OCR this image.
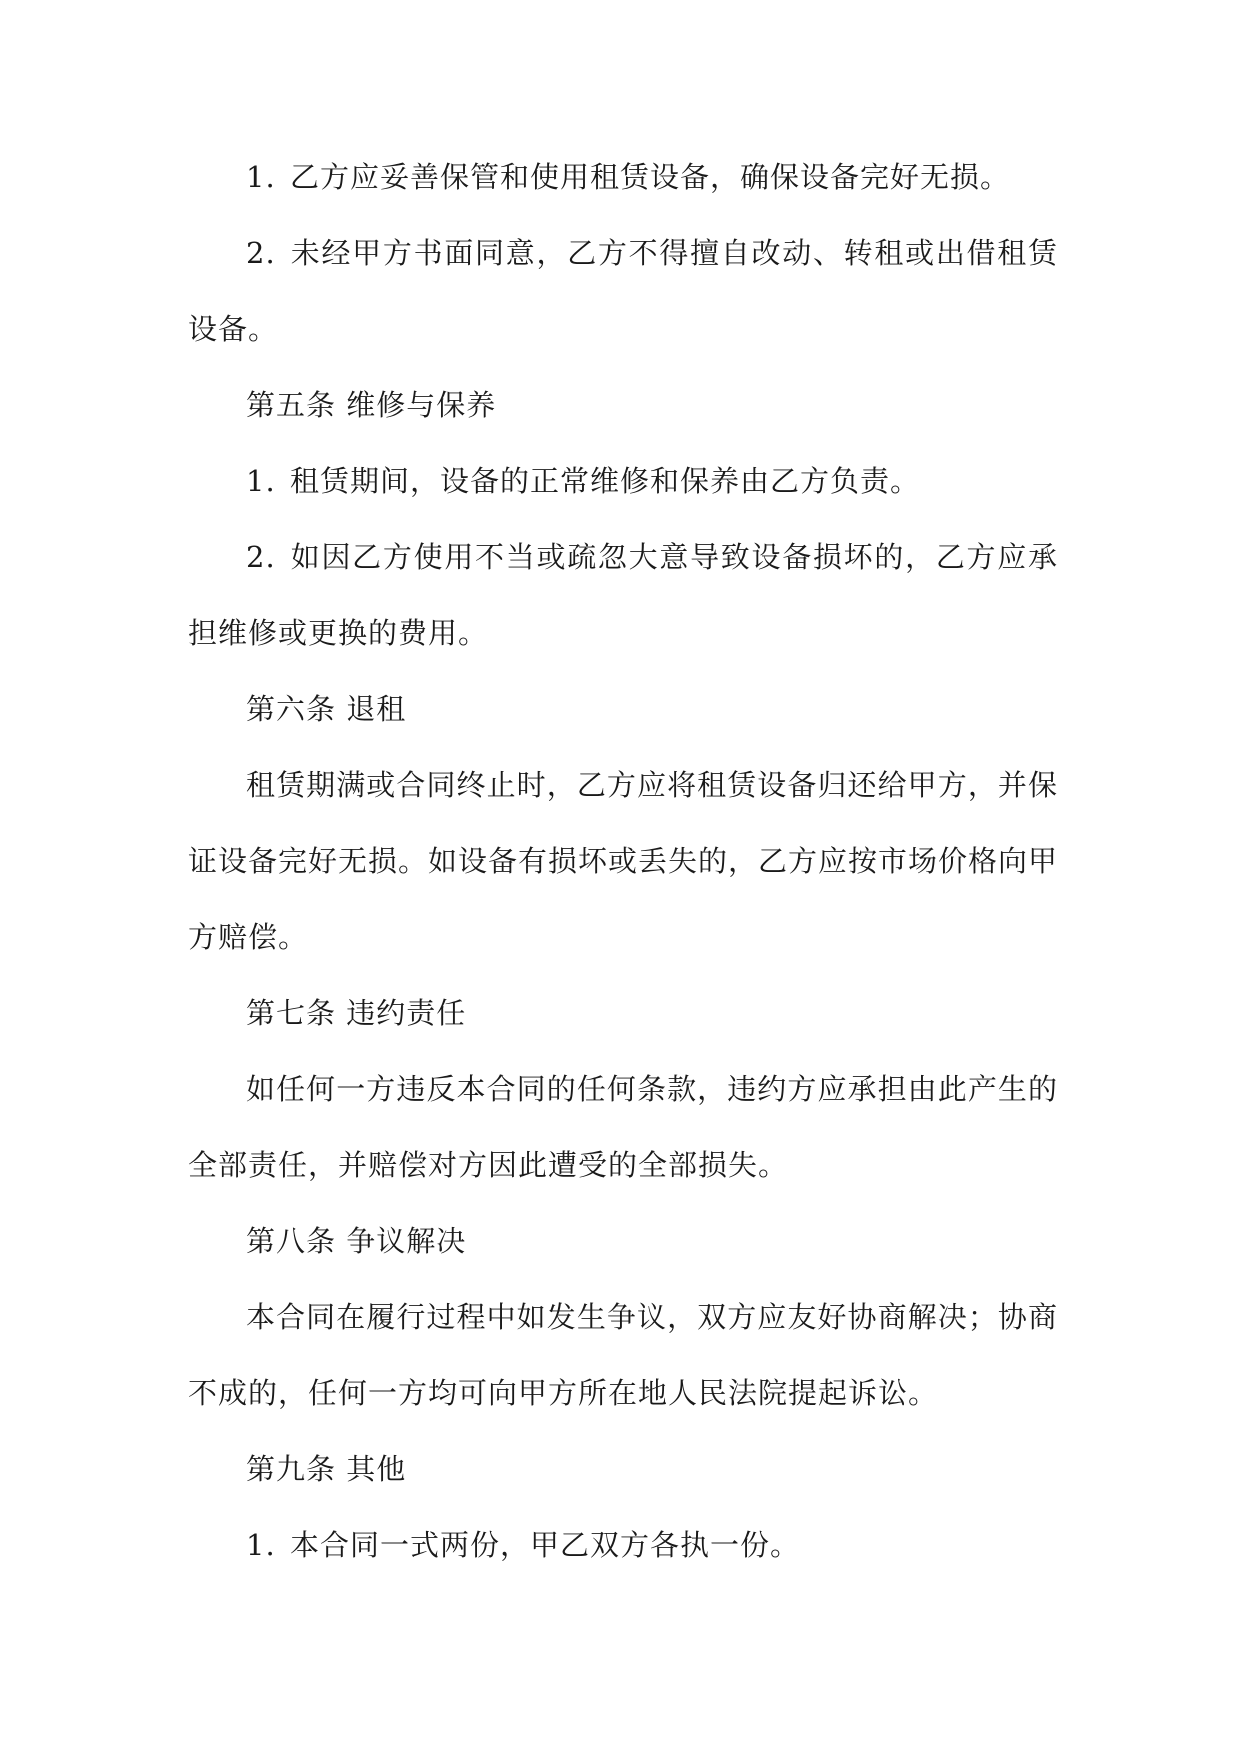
1. 乙方应妥善保管和使用租赁设备，确保设备完好无损。

2. 未经甲方书面同意，乙方不得擅自改动、转租或出借租赁设备。

第五条 维修与保养

1. 租赁期间，设备的正常维修和保养由乙方负责。

2. 如因乙方使用不当或疏忽大意导致设备损坏的，乙方应承担维修或更换的费用。

第六条 退租

租赁期满或合同终止时，乙方应将租赁设备归还给甲方，并保证设备完好无损。如设备有损坏或丢失的，乙方应按市场价格向甲方赔偿。

第七条 违约责任

如任何一方违反本合同的任何条款，违约方应承担由此产生的全部责任，并赔偿对方因此遭受的全部损失。

第八条 争议解决

本合同在履行过程中如发生争议，双方应友好协商解决；协商不成的，任何一方均可向甲方所在地人民法院提起诉讼。

第九条 其他

1. 本合同一式两份，甲乙双方各执一份。
